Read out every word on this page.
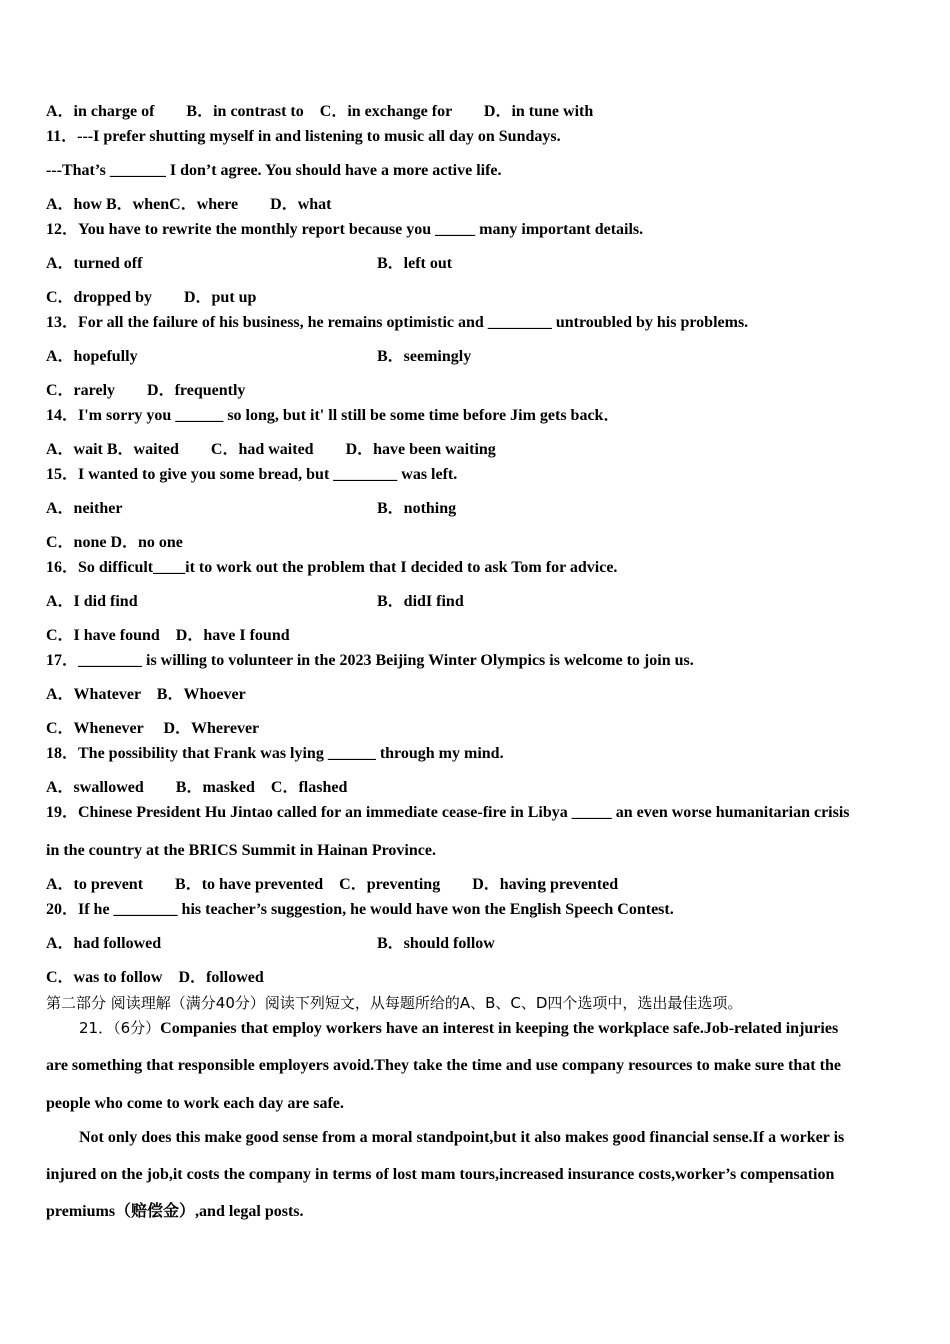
A．in charge of　　B．in contrast to　C．in exchange for　　D．in tune with
11．---I prefer shutting myself in and listening to music all day on Sundays.
---That’s _______ I don’t agree. You should have a more active life.
A．how B．whenC．where　　D．what
12．You have to rewrite the monthly report because you _____ many important details.
A．turned off	B．left out
C．dropped by　　D．put up
13．For all the failure of his business, he remains optimistic and ________ untroubled by his problems.
A．hopefully	B．seemingly
C．rarely　　D．frequently
14．I'm sorry you ______ so long, but it' ll still be some time before Jim gets back．
A．wait B．waited　　C．had waited　　D．have been waiting
15．I wanted to give you some bread, but ________ was left.
A．neither	B．nothing
C．none D．no one
16．So difficult____it to work out the problem that I decided to ask Tom for advice.
A．I did find	B．didI find
C．I have found　D．have I found
17．________ is willing to volunteer in the 2023 Beijing Winter Olympics is welcome to join us.
A．Whatever　B．Whoever
C．Whenever　 D．Wherever
18．The possibility that Frank was lying ______ through my mind.
A．swallowed　　B．masked　C．flashed
19．Chinese President Hu Jintao called for an immediate cease-fire in Libya _____ an even worse humanitarian crisis
in the country at the BRICS Summit in Hainan Province.
A．to prevent　　B．to have prevented　C．preventing　　D．having prevented
20．If he ________ his teacher’s suggestion, he would have won the English Speech Contest.
A．had followed	B．should follow
C．was to follow　D．followed
第二部分 阅读理解（满分40分）阅读下列短文，从每题所给的A、B、C、D四个选项中，选出最佳选项。
21．（6分）Companies that employ workers have an interest in keeping the workplace safe.Job-related injuries
are something that responsible employers avoid.They take the time and use company resources to make sure that the
people who come to work each day are safe.
Not only does this make good sense from a moral standpoint,but it also makes good financial sense.If a worker is
injured on the job,it costs the company in terms of lost mam tours,increased insurance costs,worker’s compensation
premiums（赔偿金）,and legal posts.
